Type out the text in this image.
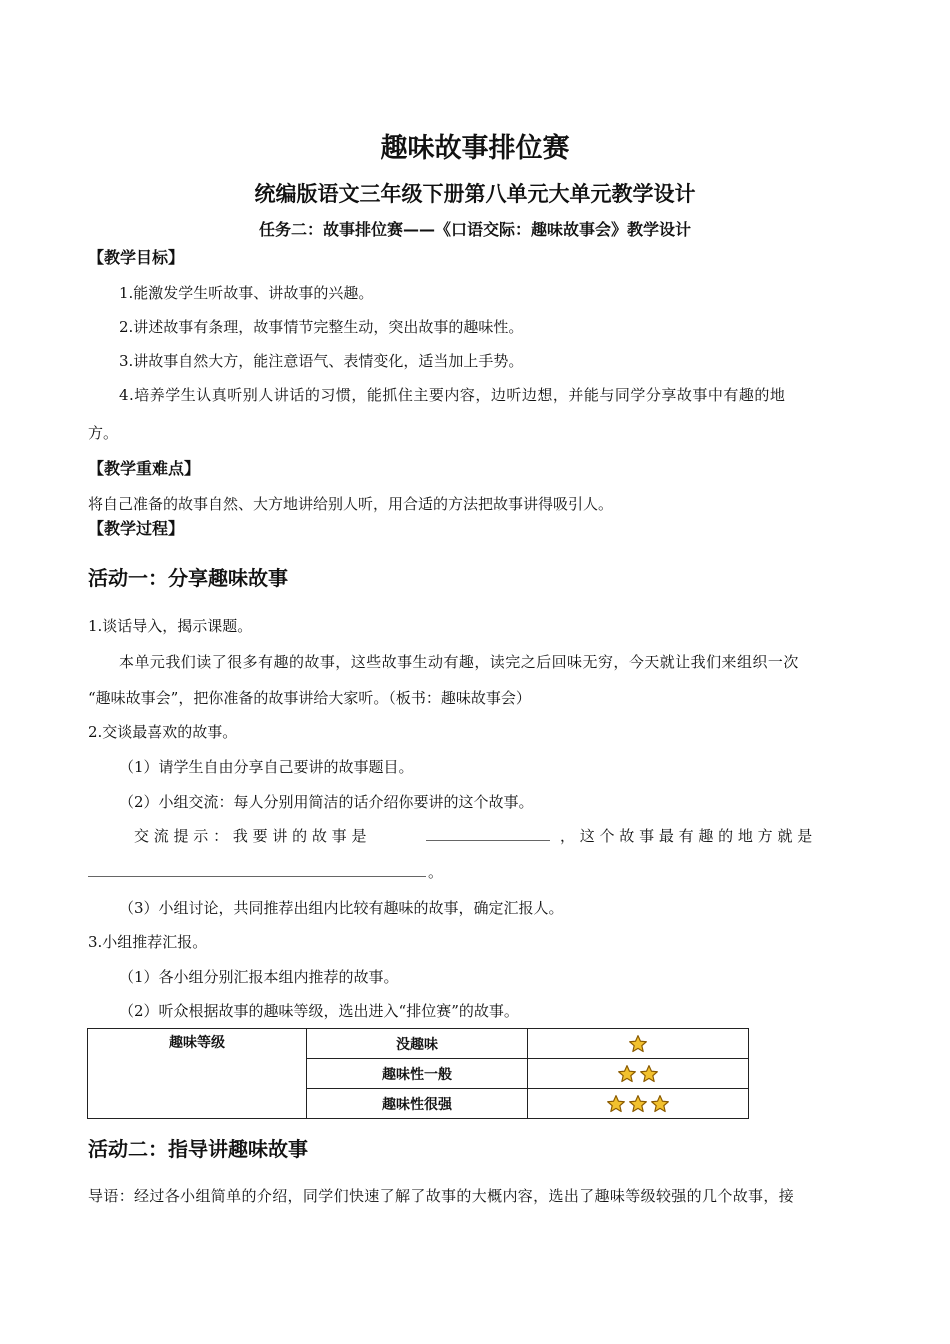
趣味故事排位赛
统编版语文三年级下册第八单元大单元教学设计
任务二：故事排位赛——《口语交际：趣味故事会》教学设计
【教学目标】
1.能激发学生听故事、讲故事的兴趣。
2.讲述故事有条理，故事情节完整生动，突出故事的趣味性。
3.讲故事自然大方，能注意语气、表情变化，适当加上手势。
4.培养学生认真听别人讲话的习惯，能抓住主要内容，边听边想，并能与同学分享故事中有趣的地
方。
【教学重难点】
将自己准备的故事自然、大方地讲给别人听，用合适的方法把故事讲得吸引人。
【教学过程】
活动一：分享趣味故事
1.谈话导入，揭示课题。
本单元我们读了很多有趣的故事，这些故事生动有趣，读完之后回味无穷，今天就让我们来组织一次
“趣味故事会”，把你准备的故事讲给大家听。（板书：趣味故事会）
2.交谈最喜欢的故事。
（1）请学生自由分享自己要讲的故事题目。
（2）小组交流：每人分别用简洁的话介绍你要讲的这个故事。
交 流 提 示 ： 我 要 讲 的 故 事 是	， 这 个 故 事 最 有 趣 的 地 方 就 是
。
（3）小组讨论，共同推荐出组内比较有趣味的故事，确定汇报人。
3.小组推荐汇报。
（1）各小组分别汇报本组内推荐的故事。
（2）听众根据故事的趣味等级，选出进入“排位赛”的故事。
趣味等级	没趣味	
	趣味性一般	
	趣味性很强	
活动二：指导讲趣味故事
导语：经过各小组简单的介绍，同学们快速了解了故事的大概内容，选出了趣味等级较强的几个故事，接
